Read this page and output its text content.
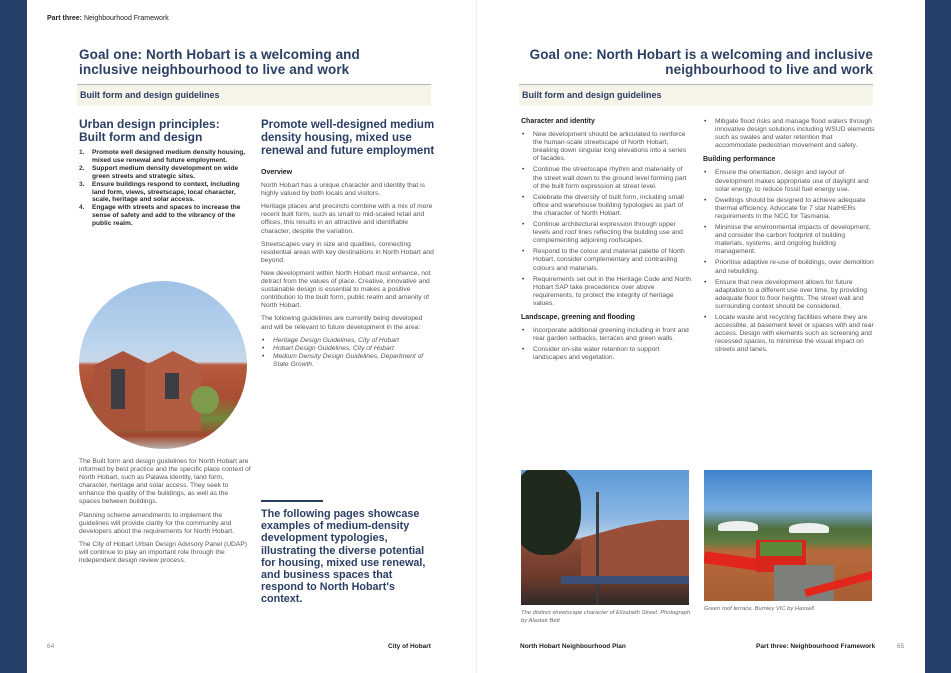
Part three: Neighbourhood Framework
Goal one: North Hobart is a welcoming and inclusive neighbourhood to live and work
Built form and design guidelines
Urban design principles: Built form and design
1. Promote well designed medium density housing, mixed use renewal and future employment.
2. Support medium density development on wide green streets and strategic sites.
3. Ensure buildings respond to context, including land form, views, streetscape, local character, scale, heritage and solar access.
4. Engage with streets and spaces to increase the sense of safety and add to the vibrancy of the public realm.

The Built form and design guidelines for North Hobart are informed by best practice and the specific place context of North Hobart, such as Palawa identity, land form, character, heritage and solar access. They seek to enhance the quality of the buildings, as well as the spaces between buildings.

Planning scheme amendments to implement the guidelines will provide clarity for the community and developers about the requirements for North Hobart.

The City of Hobart Urban Design Advisory Panel (UDAP) will continue to play an important role through the independent design review process.

Promote well-designed medium density housing, mixed use renewal and future employment
Overview

North Hobart has a unique character and identity that is highly valued by both locals and visitors.

Heritage places and precincts combine with a mix of more recent built form, such as small to mid-scaled retail and offices, this results in an attractive and identifiable character, despite the variation.

Streetscapes vary in size and qualities, connecting residential areas with key destinations in North Hobart and beyond.

New development within North Hobart must enhance, not detract from the values of place. Creative, innovative and sustainable design is essential to makes a positive contribution to the built form, public realm and amenity of North Hobart.

The following guidelines are currently being developed and will be relevant to future development in the area:

• Heritage Design Guidelines, City of Hobart
• Hobart Design Guidelines, City of Hobart
• Medium Density Design Guidelines, Department of State Growth.
The following pages showcase examples of medium-density development typologies, illustrating the diverse potential for housing, mixed use renewal, and business spaces that respond to North Hobart's context.
64	City of Hobart
Goal one: North Hobart is a welcoming and inclusive neighbourhood to live and work
Built form and design guidelines
Character and identity
• New development should be articulated to reinforce the human-scale streetscape of North Hobart, breaking down singular long elevations into a series of facades.
• Continue the streetscape rhythm and materiality of the street wall down to the ground level forming part of the built form expression at street level.
• Celebrate the diversity of built form, including small office and warehouse building typologies as part of the character of North Hobart.
• Continue architectural expression through upper levels and roof lines reflecting the building use and complementing adjoining roofscapes.
• Respond to the colour and material palette of North Hobart, consider complementary and contrasting colours and materials.
• Requirements set out in the Heritage Code and North Hobart SAP take precedence over above requirements, to protect the integrity of heritage values.
Landscape, greening and flooding
• Incorporate additional greening including in front and rear garden setbacks, terraces and green walls.
• Consider on-site water retention to support landscapes and vegetation.
• Mitigate flood risks and manage flood waters through innovative design solutions including WSUD elements such as swales and water retention that accommodate pedestrian movement and safety.
Building performance
• Ensure the orientation, design and layout of development makes appropriate use of daylight and solar energy, to reduce fossil fuel energy use.
• Dwellings should be designed to achieve adequate thermal efficiency. Advocate for 7 star NatHERs requirements in the NCC for Tasmania.
• Minimise the environmental impacts of development, and consider the carbon footprint of building materials, systems, and ongoing building management.
• Prioritise adaptive re-use of buildings, over demolition and rebuilding.
• Ensure that new development allows for future adaptation to a different use over time, by providing adequate floor to floor heights. The street wall and surrounding context should be considered.
• Locate waste and recycling facilities where they are accessible, at basement level or spaces with and rear access. Design with elements such as screening and recessed spaces, to minimise the visual impact on streets and lanes.
The distinct streetscape character of Elizabeth Street. Photograph by Alastair Bett
Green roof terrace, Burnley VIC by Hassell
North Hobart Neighbourhood Plan	Part three: Neighbourhood Framework	65
